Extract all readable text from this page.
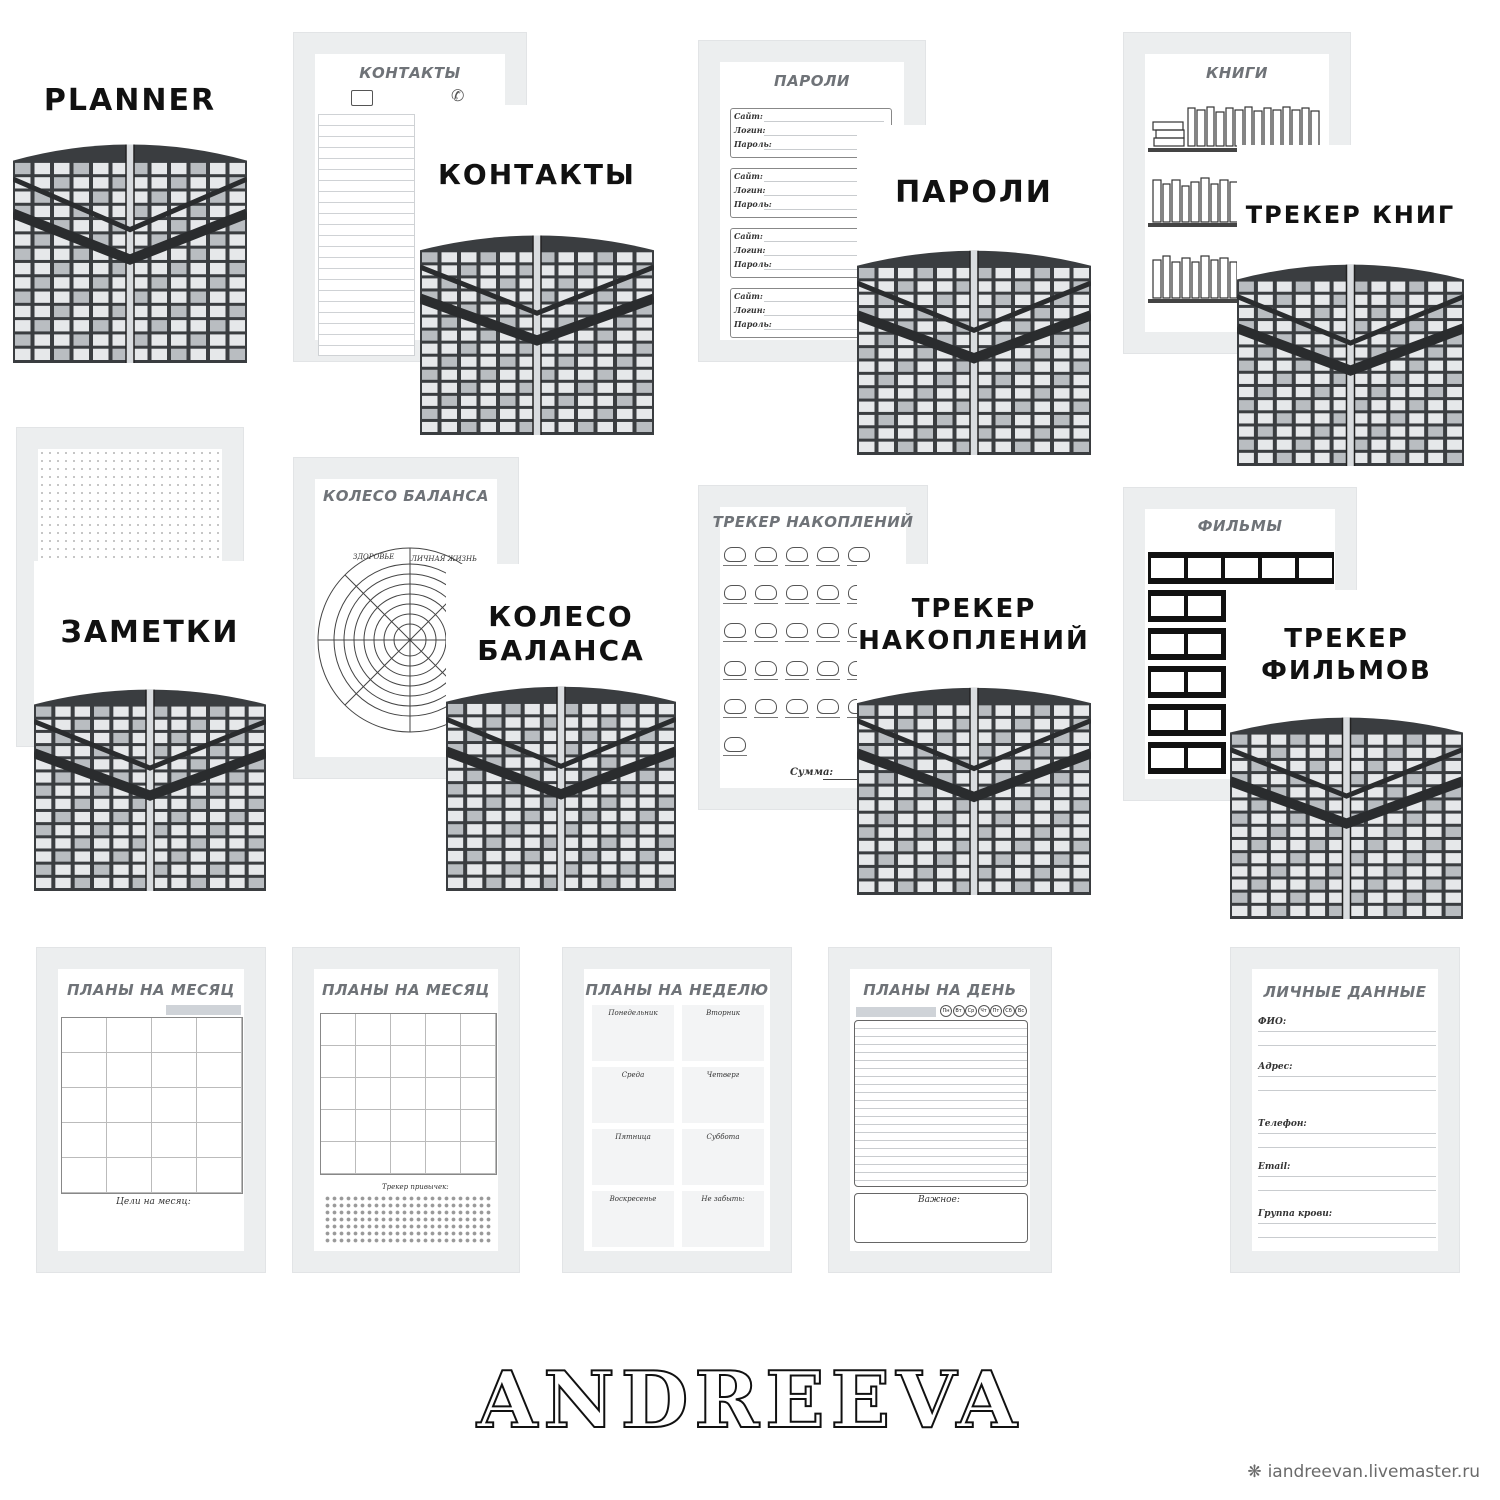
PLANNER
КОНТАКТЫ
✆
КОНТАКТЫ
ПАРОЛИ
Сайт:
Логин:
Пароль:
Сайт:
Логин:
Пароль:
Сайт:
Логин:
Пароль:
Сайт:
Логин:
Пароль:
ПАРОЛИ
КНИГИ
ТРЕКЕР КНИГ
ЗАМЕТКИ
КОЛЕСО БАЛАНСА
ЗДОРОВЬЕ ЛИЧНАЯ ЖИЗНЬ
КОЛЕСО
БАЛАНСА
ТРЕКЕР НАКОПЛЕНИЙ
Сумма:
ТРЕКЕР
НАКОПЛЕНИЙ
ФИЛЬМЫ
ТРЕКЕР
ФИЛЬМОВ
ПЛАНЫ НА МЕСЯЦ
Цели на месяц:
ПЛАНЫ НА МЕСЯЦ
Трекер привычек:
ПЛАНЫ НА НЕДЕЛЮ
Понедельник	Вторник
Среда	Четверг
Пятница	Суббота
Воскресенье	Не забыть:
ПЛАНЫ НА ДЕНЬ
Пн	Вт	Ср	Чт	Пт	Сб	Вс
Важное:
ЛИЧНЫЕ ДАННЫЕ
ФИО:
Адрес:
Телефон:
Email:
Группа крови:
ANDREEVA
❋ iandreevan.livemaster.ru
